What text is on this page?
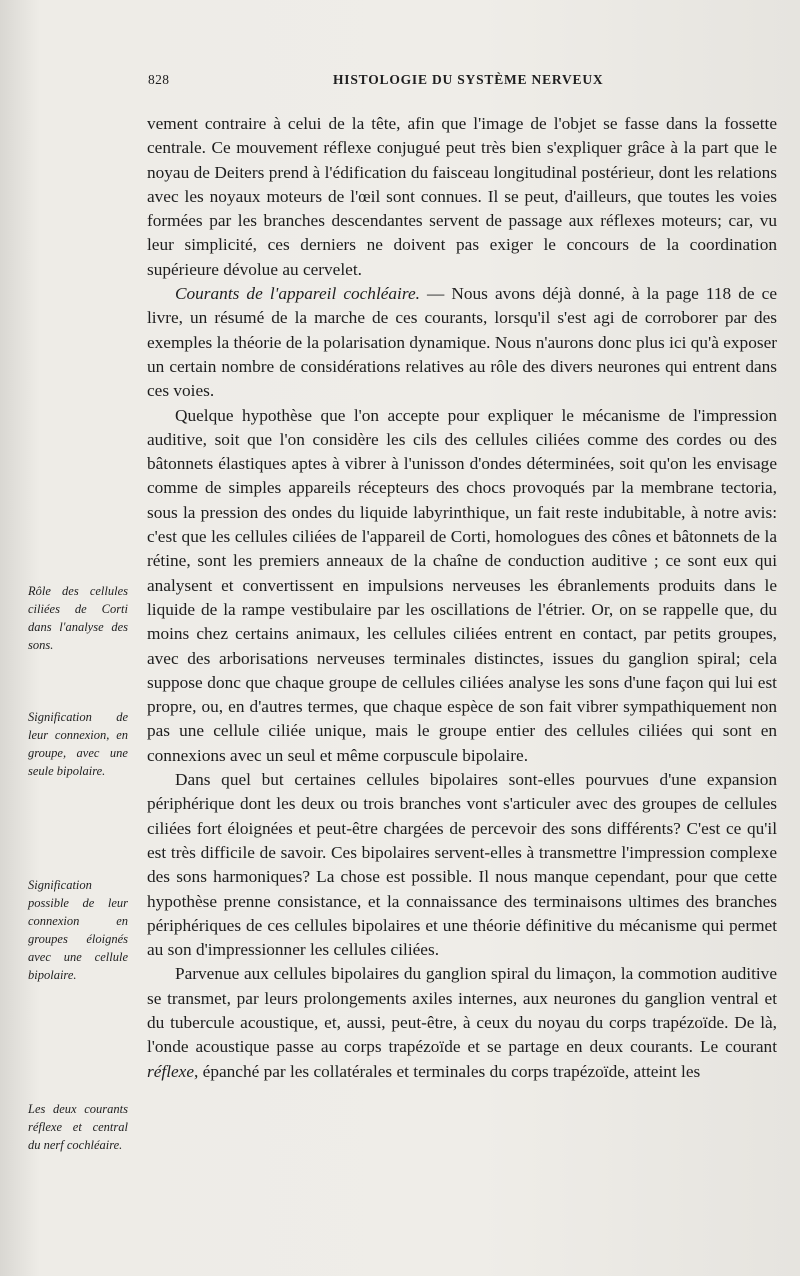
828	HISTOLOGIE DU SYSTÈME NERVEUX

vement contraire à celui de la tête, afin que l'image de l'objet se fasse dans la fossette centrale. Ce mouvement réflexe conjugué peut très bien s'expliquer grâce à la part que le noyau de Deiters prend à l'édification du faisceau longitudinal postérieur, dont les relations avec les noyaux moteurs de l'œil sont connues. Il se peut, d'ailleurs, que toutes les voies formées par les branches descendantes servent de passage aux réflexes moteurs; car, vu leur simplicité, ces derniers ne doivent pas exiger le concours de la coordination supérieure dévolue au cervelet.

Courants de l'appareil cochléaire. — Nous avons déjà donné, à la page 118 de ce livre, un résumé de la marche de ces courants, lorsqu'il s'est agi de corroborer par des exemples la théorie de la polarisation dynamique. Nous n'aurons donc plus ici qu'à exposer un certain nombre de considérations relatives au rôle des divers neurones qui entrent dans ces voies.

Quelque hypothèse que l'on accepte pour expliquer le mécanisme de l'impression auditive, soit que l'on considère les cils des cellules ciliées comme des cordes ou des bâtonnets élastiques aptes à vibrer à l'unisson d'ondes déterminées, soit qu'on les envisage comme de simples appareils récepteurs des chocs provoqués par la membrane tectoria, sous la pression des ondes du liquide labyrinthique, un fait reste indubitable, à notre avis: c'est que les cellules ciliées de l'appareil de Corti, homologues des cônes et bâtonnets de la rétine, sont les premiers anneaux de la chaîne de conduction auditive ; ce sont eux qui analysent et convertissent en impulsions nerveuses les ébranlements produits dans le liquide de la rampe vestibulaire par les oscillations de l'étrier. Or, on se rappelle que, du moins chez certains animaux, les cellules ciliées entrent en contact, par petits groupes, avec des arborisations nerveuses terminales distinctes, issues du ganglion spiral; cela suppose donc que chaque groupe de cellules ciliées analyse les sons d'une façon qui lui est propre, ou, en d'autres termes, que chaque espèce de son fait vibrer sympathiquement non pas une cellule ciliée unique, mais le groupe entier des cellules ciliées qui sont en connexions avec un seul et même corpuscule bipolaire.

Dans quel but certaines cellules bipolaires sont-elles pourvues d'une expansion périphérique dont les deux ou trois branches vont s'articuler avec des groupes de cellules ciliées fort éloignées et peut-être chargées de percevoir des sons différents? C'est ce qu'il est très difficile de savoir. Ces bipolaires servent-elles à transmettre l'impression complexe des sons harmoniques? La chose est possible. Il nous manque cependant, pour que cette hypothèse prenne consistance, et la connaissance des terminaisons ultimes des branches périphériques de ces cellules bipolaires et une théorie définitive du mécanisme qui permet au son d'impressionner les cellules ciliées.

Parvenue aux cellules bipolaires du ganglion spiral du limaçon, la commotion auditive se transmet, par leurs prolongements axiles internes, aux neurones du ganglion ventral et du tubercule acoustique, et, aussi, peut-être, à ceux du noyau du corps trapézoïde. De là, l'onde acoustique passe au corps trapézoïde et se partage en deux courants. Le courant réflexe, épanché par les collatérales et terminales du corps trapézoïde, atteint les

Rôle des cellules ciliées de Corti dans l'analyse des sons.
Signification de leur connexion, en groupe, avec une seule bipolaire.
Signification possible de leur connexion en groupes éloignés avec une cellule bipolaire.
Les deux courants réflexe et central du nerf cochléaire.
